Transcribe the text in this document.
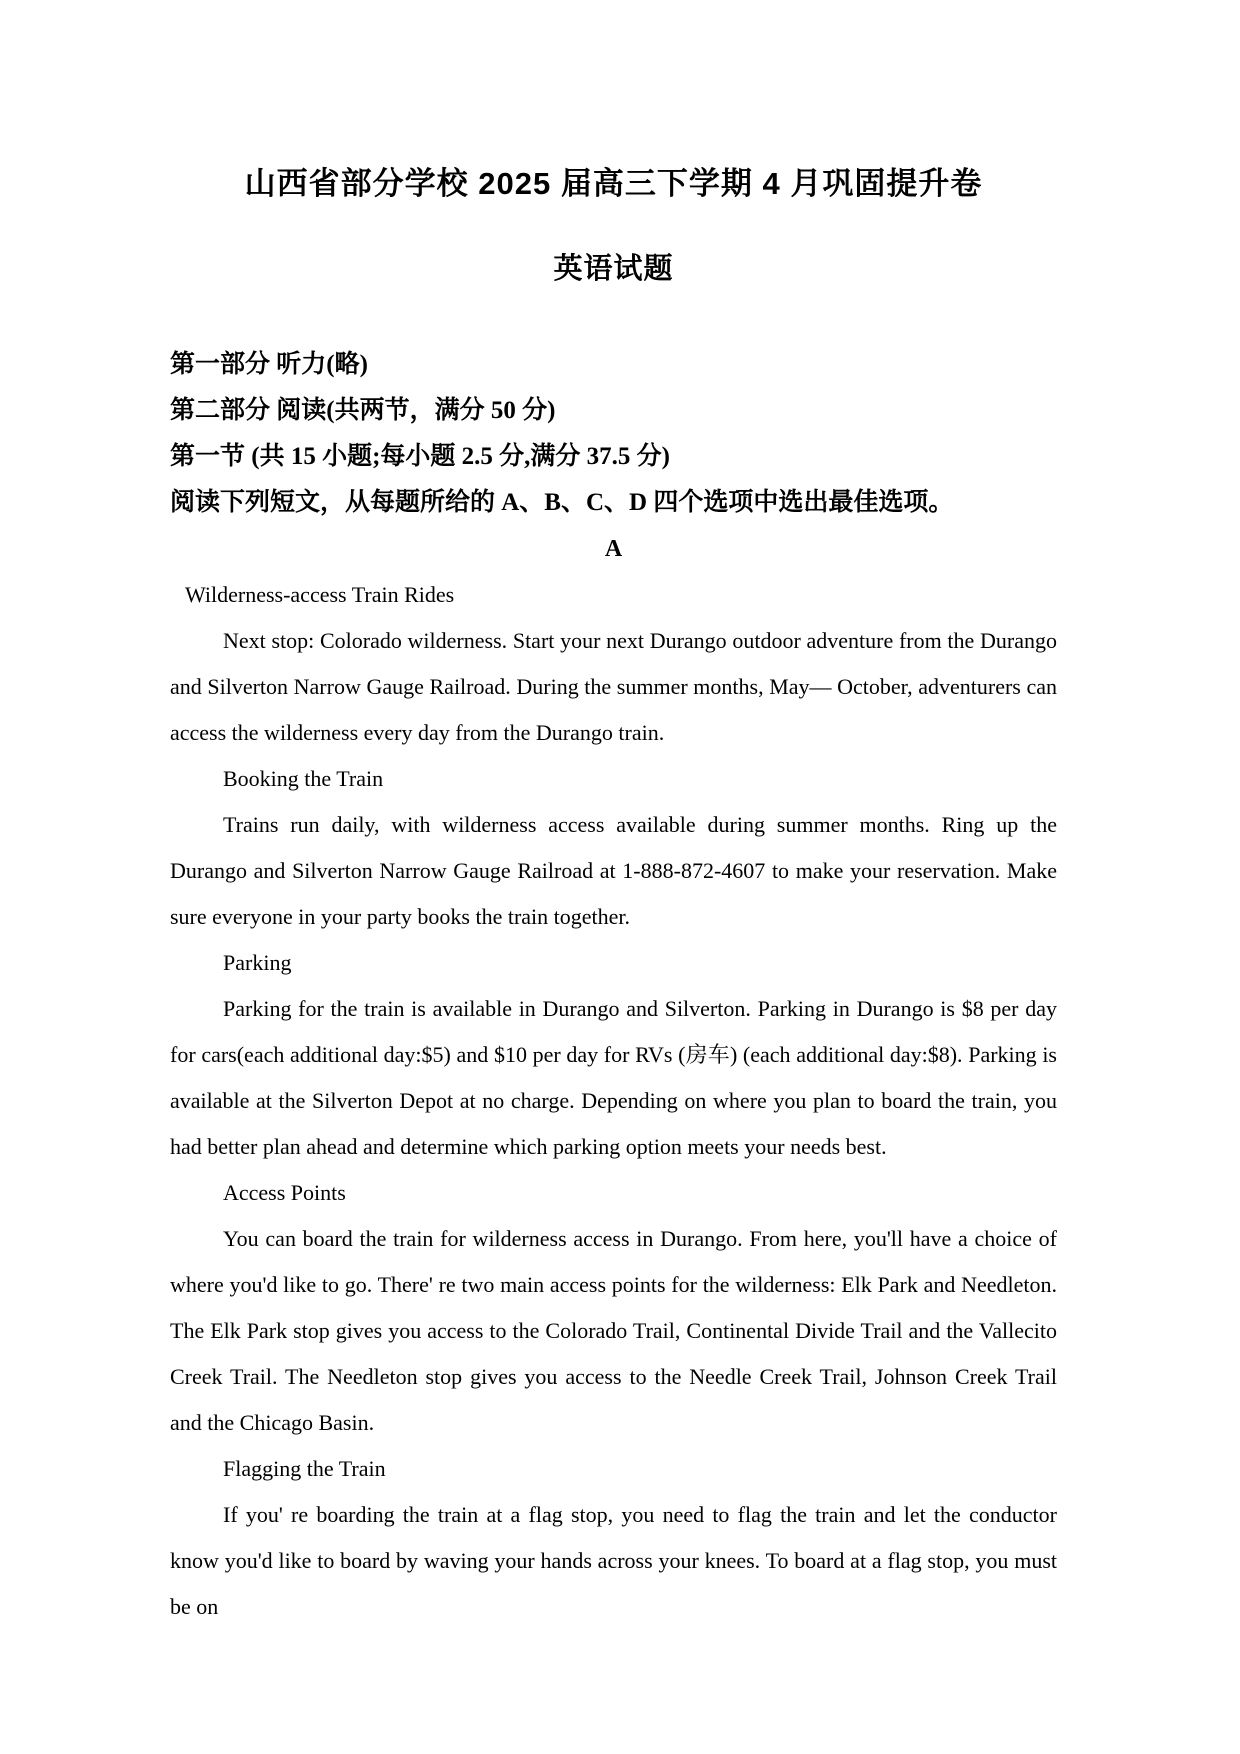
山西省部分学校 2025 届高三下学期 4 月巩固提升卷
英语试题
第一部分 听力(略)
第二部分 阅读(共两节，满分 50 分)
第一节 (共 15 小题;每小题 2.5 分,满分 37.5 分)
阅读下列短文，从每题所给的 A、B、C、D 四个选项中选出最佳选项。
A
Wilderness-access Train Rides

Next stop: Colorado wilderness. Start your next Durango outdoor adventure from the Durango and Silverton Narrow Gauge Railroad. During the summer months, May— October, adventurers can access the wilderness every day from the Durango train.

Booking the Train

Trains run daily, with wilderness access available during summer months. Ring up the Durango and Silverton Narrow Gauge Railroad at 1-888-872-4607 to make your reservation. Make sure everyone in your party books the train together.

Parking

Parking for the train is available in Durango and Silverton. Parking in Durango is $8 per day for cars(each additional day:$5) and $10 per day for RVs (房车) (each additional day:$8). Parking is available at the Silverton Depot at no charge. Depending on where you plan to board the train, you had better plan ahead and determine which parking option meets your needs best.

Access Points

You can board the train for wilderness access in Durango. From here, you'll have a choice of where you'd like to go. There' re two main access points for the wilderness: Elk Park and Needleton. The Elk Park stop gives you access to the Colorado Trail, Continental Divide Trail and the Vallecito Creek Trail. The Needleton stop gives you access to the Needle Creek Trail, Johnson Creek Trail and the Chicago Basin.

Flagging the Train

If you' re boarding the train at a flag stop, you need to flag the train and let the conductor know you'd like to board by waving your hands across your knees. To board at a flag stop, you must be on
